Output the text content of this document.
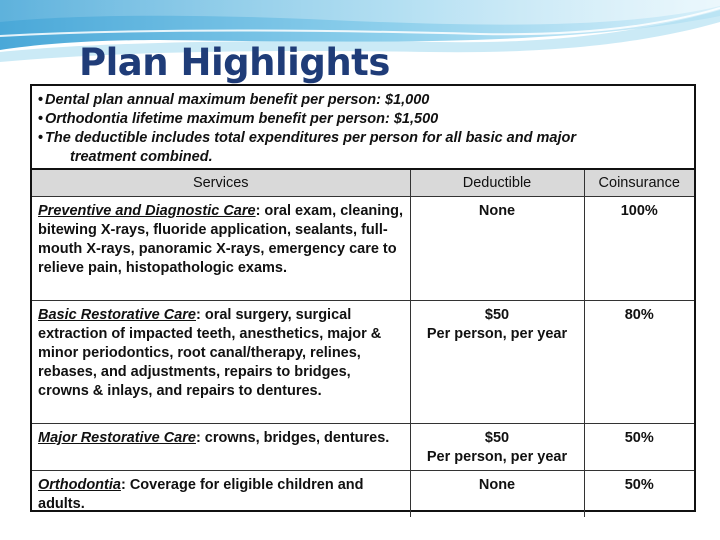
Plan Highlights
• Dental plan annual maximum benefit per person: $1,000
• Orthodontia lifetime maximum benefit per person: $1,500
• The deductible includes total expenditures per person for all basic and major
treatment combined.
Services	Deductible	Coinsurance
Preventive and Diagnostic Care: oral exam, cleaning, bitewing X-rays, fluoride application, sealants, full-mouth X-rays, panoramic X-rays, emergency care to relieve pain, histopathologic exams.	None	100%
Basic Restorative Care: oral surgery, surgical extraction of impacted teeth, anesthetics, major & minor periodontics, root canal/therapy, relines, rebases, and adjustments, repairs to bridges, crowns & inlays, and repairs to dentures.	$50
Per person, per year	80%
Major Restorative Care: crowns, bridges, dentures.	$50
Per person, per year	50%
Orthodontia: Coverage for eligible children and adults.	None	50%
